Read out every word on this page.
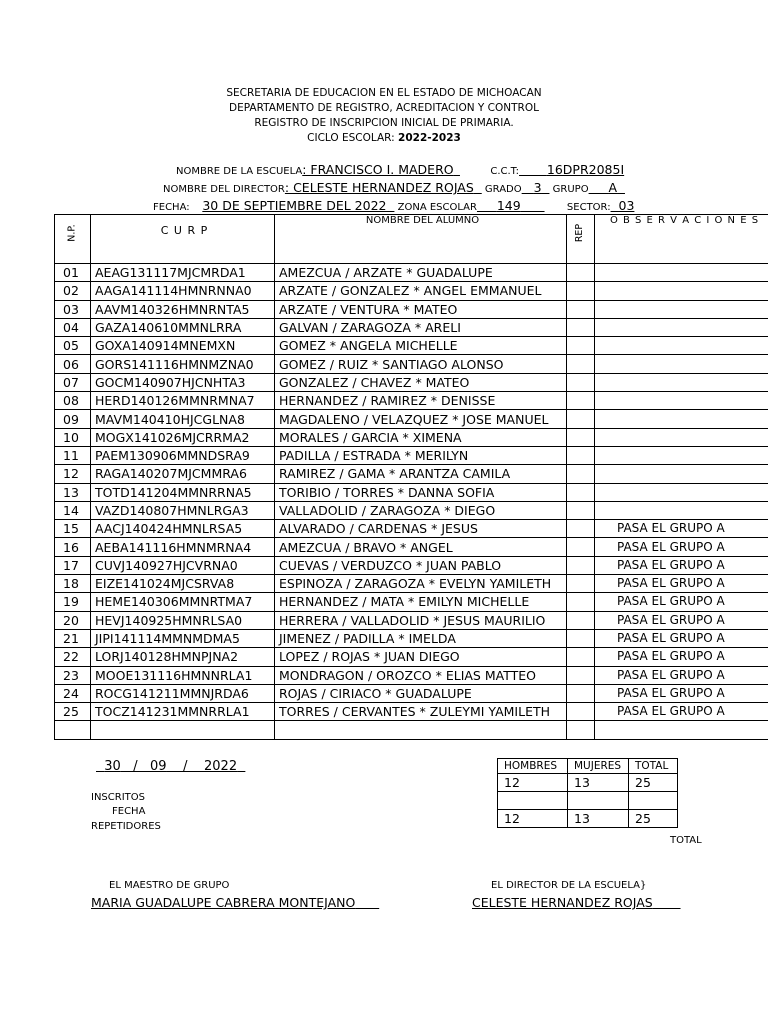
SECRETARIA DE EDUCACION EN EL ESTADO DE MICHOACAN
DEPARTAMENTO DE REGISTRO, ACREDITACION Y CONTROL
REGISTRO DE INSCRIPCION INICIAL DE PRIMARIA.
CICLO ESCOLAR: 2022-2023
NOMBRE DE LA ESCUELA: FRANCISCO I. MADERO	C.C.T: 16DPR2085I
NOMBRE DEL DIRECTOR: CELESTE HERNANDEZ ROJAS GRADO 3 GRUPO A
FECHA: 30 DE SEPTIEMBRE DEL 2022 ZONA ESCOLAR 149	SECTOR: 03
N.P.	C U R P	NOMBRE DEL ALUMNO	REP	O B S E R V A C I O N E S
01	AEAG131117MJCMRDA1	AMEZCUA / ARZATE * GUADALUPE		
02	AAGA141114HMNRNNA0	ARZATE / GONZALEZ * ANGEL EMMANUEL		
03	AAVM140326HMNRNTA5	ARZATE / VENTURA * MATEO		
04	GAZA140610MMNLRRA	GALVAN / ZARAGOZA * ARELI		
05	GOXA140914MNEMXN	GOMEZ * ANGELA MICHELLE		
06	GORS141116HMNMZNA0	GOMEZ / RUIZ * SANTIAGO ALONSO		
07	GOCM140907HJCNHTA3	GONZALEZ / CHAVEZ * MATEO		
08	HERD140126MMNRMNA7	HERNANDEZ / RAMIREZ * DENISSE		
09	MAVM140410HJCGLNA8	MAGDALENO / VELAZQUEZ * JOSE MANUEL		
10	MOGX141026MJCRRMA2	MORALES / GARCIA * XIMENA		
11	PAEM130906MMNDSRA9	PADILLA / ESTRADA * MERILYN		
12	RAGA140207MJCMMRA6	RAMIREZ / GAMA * ARANTZA CAMILA		
13	TOTD141204MMNRRNA5	TORIBIO / TORRES * DANNA SOFIA		
14	VAZD140807HMNLRGA3	VALLADOLID / ZARAGOZA * DIEGO		
15	AACJ140424HMNLRSA5	ALVARADO / CARDENAS * JESUS		PASA EL GRUPO A
16	AEBA141116HMNMRNA4	AMEZCUA / BRAVO * ANGEL		PASA EL GRUPO A
17	CUVJ140927HJCVRNA0	CUEVAS / VERDUZCO * JUAN PABLO		PASA EL GRUPO A
18	EIZE141024MJCSRVA8	ESPINOZA / ZARAGOZA * EVELYN YAMILETH		PASA EL GRUPO A
19	HEME140306MMNRTMA7	HERNANDEZ / MATA * EMILYN MICHELLE		PASA EL GRUPO A
20	HEVJ140925HMNRLSA0	HERRERA / VALLADOLID * JESUS MAURILIO		PASA EL GRUPO A
21	JIPI141114MMNMDMA5	JIMENEZ / PADILLA * IMELDA		PASA EL GRUPO A
22	LORJ140128HMNPJNA2	LOPEZ / ROJAS * JUAN DIEGO		PASA EL GRUPO A
23	MOOE131116HMNNRLA1	MONDRAGON / OROZCO * ELIAS MATTEO		PASA EL GRUPO A
24	ROCG141211MMNJRDA6	ROJAS / CIRIACO * GUADALUPE		PASA EL GRUPO A
25	TOCZ141231MMNRRLA1	TORRES / CERVANTES * ZULEYMI YAMILETH		PASA EL GRUPO A

30   /   09    /    2022
INSCRITOS
FECHA
REPETIDORES
HOMBRES	MUJERES	TOTAL
12	13	25

12	13	25
TOTAL
EL MAESTRO DE GRUPO
MARIA GUADALUPE CABRERA MONTEJANO
EL DIRECTOR DE LA ESCUELA}
CELESTE HERNANDEZ ROJAS
